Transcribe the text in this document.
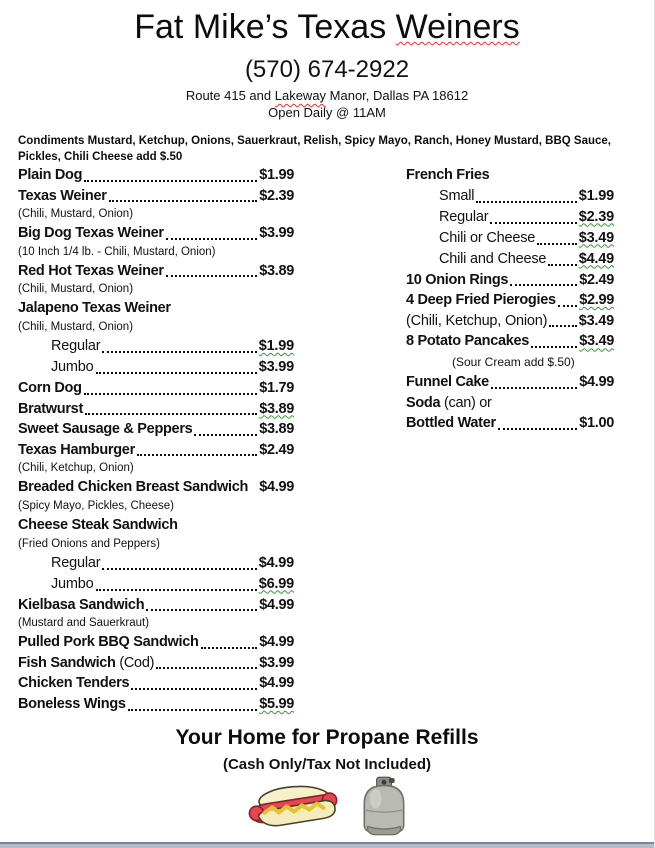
Fat Mike’s Texas Weiners
(570) 674-2922
Route 415 and Lakeway Manor, Dallas PA 18612
Open Daily @ 11AM
Condiments Mustard, Ketchup, Onions, Sauerkraut, Relish, Spicy Mayo, Ranch, Honey Mustard, BBQ Sauce, Pickles, Chili Cheese add $.50
Plain Dog	$1.99
Texas Weiner	$2.39
(Chili, Mustard, Onion)
Big Dog Texas Weiner	$3.99
(10 Inch 1/4 lb. - Chili, Mustard, Onion)
Red Hot Texas Weiner	$3.89
(Chili, Mustard, Onion)
Jalapeno Texas Weiner
(Chili, Mustard, Onion)
Regular	$1.99
Jumbo	$3.99
Corn Dog	$1.79
Bratwurst	$3.89
Sweet Sausage & Peppers	$3.89
Texas Hamburger	$2.49
(Chili, Ketchup, Onion)
Breaded Chicken Breast Sandwich $4.99
(Spicy Mayo, Pickles, Cheese)
Cheese Steak Sandwich
(Fried Onions and Peppers)
Regular	$4.99
Jumbo	$6.99
Kielbasa Sandwich	$4.99
(Mustard and Sauerkraut)
Pulled Pork BBQ Sandwich	$4.99
Fish Sandwich (Cod)	$3.99
Chicken Tenders	$4.99
Boneless Wings	$5.99
French Fries
Small	$1.99
Regular	$2.39
Chili or Cheese	$3.49
Chili and Cheese $4.49
10 Onion Rings	$2.49
4 Deep Fried Pierogies $2.99
(Chili, Ketchup, Onion) $3.49
8 Potato Pancakes	$3.49
(Sour Cream add $.50)
Funnel Cake	$4.99
Soda (can) or
Bottled Water	$1.00
Your Home for Propane Refills
(Cash Only/Tax Not Included)
